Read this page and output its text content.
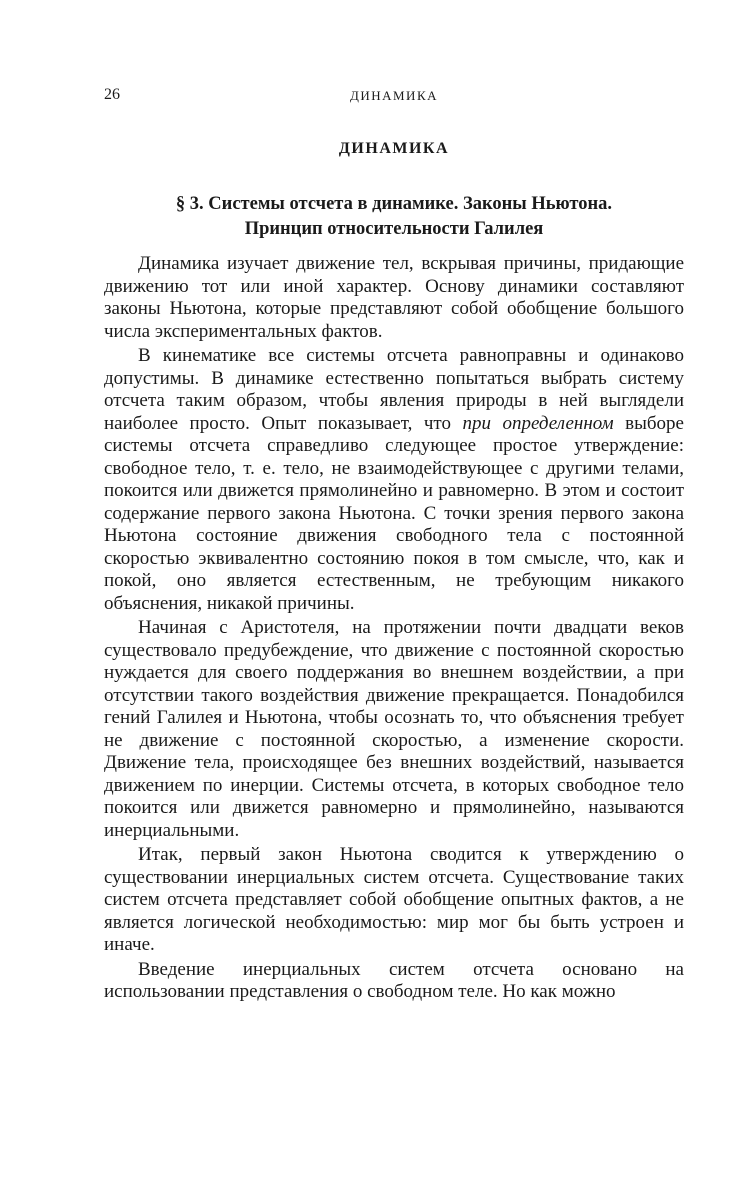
26	ДИНАМИКА
ДИНАМИКА
§ 3. Системы отсчета в динамике. Законы Ньютона.
Принцип относительности Галилея

Динамика изучает движение тел, вскрывая причины, придающие движению тот или иной характер. Основу динамики составляют законы Ньютона, которые представляют собой обобщение большого числа экспериментальных фактов.

В кинематике все системы отсчета равноправны и одинаково допустимы. В динамике естественно попытаться выбрать систему отсчета таким образом, чтобы явления природы в ней выглядели наиболее просто. Опыт показывает, что при определенном выборе системы отсчета справедливо следующее простое утверждение: свободное тело, т. е. тело, не взаимодействующее с другими телами, покоится или движется прямолинейно и равномерно. В этом и состоит содержание первого закона Ньютона. С точки зрения первого закона Ньютона состояние движения свободного тела с постоянной скоростью эквивалентно состоянию покоя в том смысле, что, как и покой, оно является естественным, не требующим никакого объяснения, никакой причины.

Начиная с Аристотеля, на протяжении почти двадцати веков существовало предубеждение, что движение с постоянной скоростью нуждается для своего поддержания во внешнем воздействии, а при отсутствии такого воздействия движение прекращается. Понадобился гений Галилея и Ньютона, чтобы осознать то, что объяснения требует не движение с постоянной скоростью, а изменение скорости. Движение тела, происходящее без внешних воздействий, называется движением по инерции. Системы отсчета, в которых свободное тело покоится или движется равномерно и прямолинейно, называются инерциальными.

Итак, первый закон Ньютона сводится к утверждению о существовании инерциальных систем отсчета. Существование таких систем отсчета представляет собой обобщение опытных фактов, а не является логической необходимостью: мир мог бы быть устроен и иначе.

Введение инерциальных систем отсчета основано на использовании представления о свободном теле. Но как можно
